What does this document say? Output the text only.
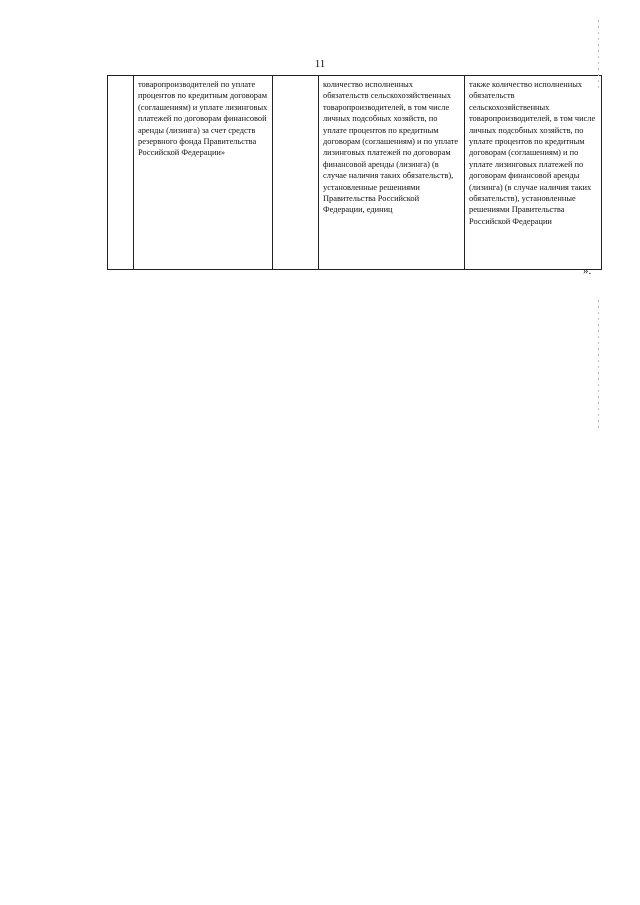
11
	товаропроизводителей по уплате процентов по кредитным договорам (соглашениям) и уплате лизинговых платежей по договорам финансовой аренды (лизинга) за счет средств резервного фонда Правительства Российской Федерации»		количество исполненных обязательств сельскохозяйственных товаропроизводителей, в том числе личных подсобных хозяйств, по уплате процентов по кредитным договорам (соглашениям) и по уплате лизинговых платежей по договорам финансовой аренды (лизинга) (в случае наличия таких обязательств), установленные решениями Правительства Российской Федерации, единиц	также количество исполненных обязательств сельскохозяйственных товаропроизводителей, в том числе личных подсобных хозяйств, по уплате процентов по кредитным договорам (соглашениям) и по уплате лизинговых платежей по договорам финансовой аренды (лизинга) (в случае наличия таких обязательств), установленные решениями Правительства Российской Федерации
».
